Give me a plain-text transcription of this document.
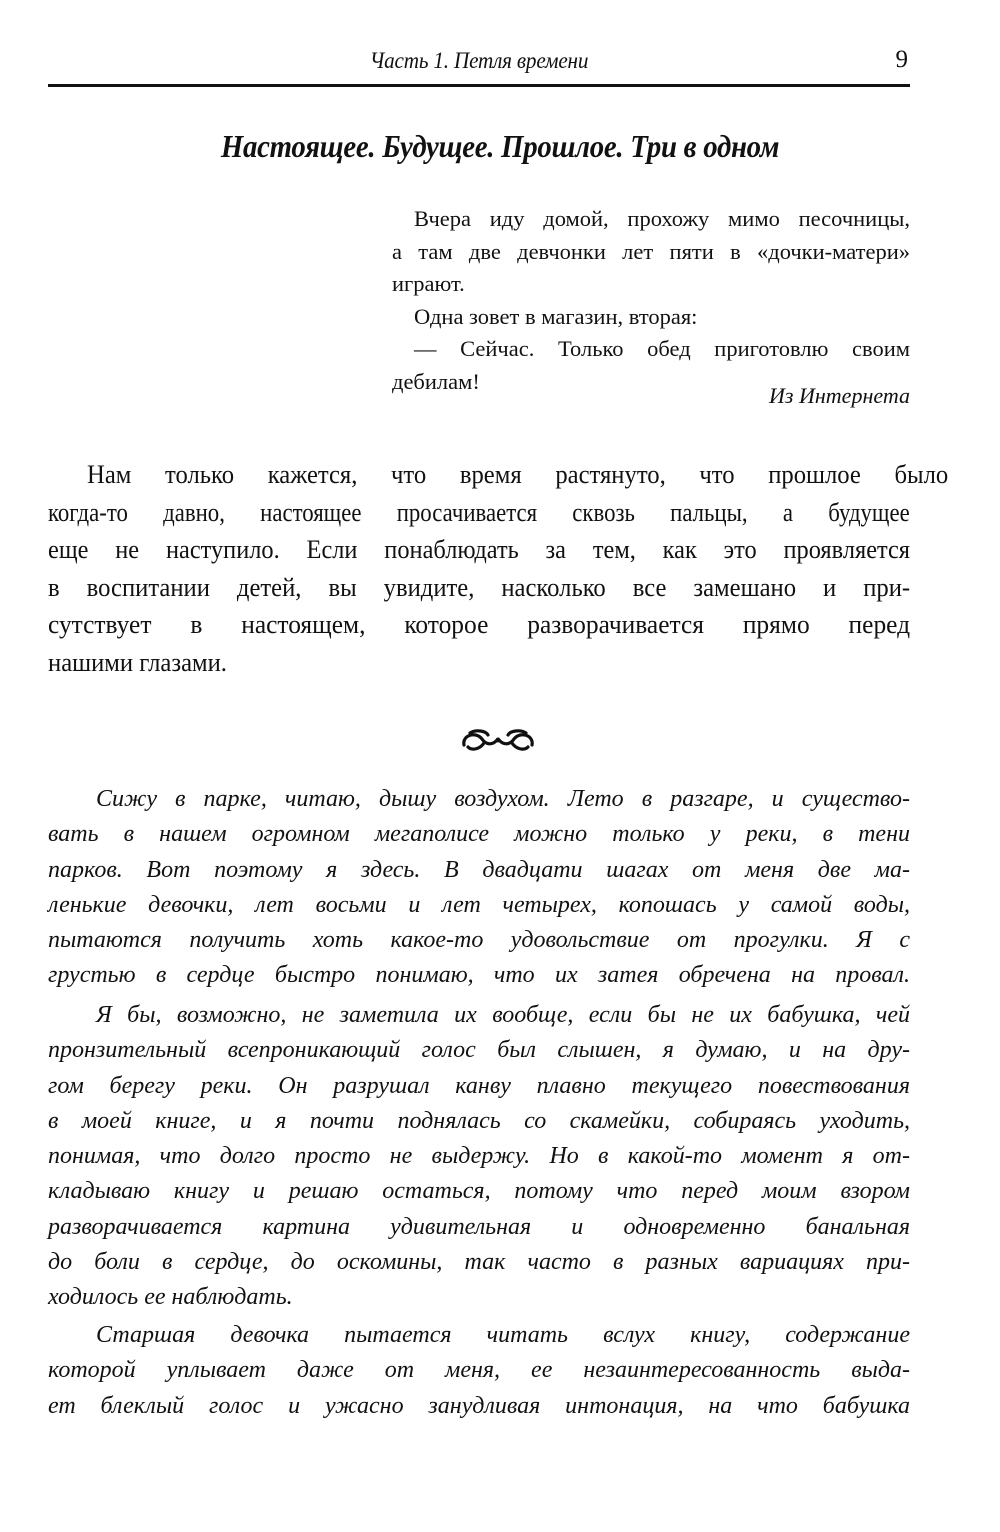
Часть 1. Петля времени	9
Настоящее. Будущее. Прошлое. Три в одном
Вчера иду домой, прохожу мимо песочницы,
а там две девчонки лет пяти в «дочки-матери»
играют.
Одна зовет в магазин, вторая:
— Сейчас. Только обед приготовлю своим
дебилам!
Из Интернета
Нам только кажется, что время растянуто, что прошлое было
когда-то давно, настоящее просачивается сквозь пальцы, а будущее
еще не наступило. Если понаблюдать за тем, как это проявляется
в воспитании детей, вы увидите, насколько все замешано и при-
сутствует в настоящем, которое разворачивается прямо перед
нашими глазами.
Сижу в парке, читаю, дышу воздухом. Лето в разгаре, и существо-
вать в нашем огромном мегаполисе можно только у реки, в тени
парков. Вот поэтому я здесь. В двадцати шагах от меня две ма-
ленькие девочки, лет восьми и лет четырех, копошась у самой воды,
пытаются получить хоть какое-то удовольствие от прогулки. Я с
грустью в сердце быстро понимаю, что их затея обречена на провал.
Я бы, возможно, не заметила их вообще, если бы не их бабушка, чей
пронзительный всепроникающий голос был слышен, я думаю, и на дру-
гом берегу реки. Он разрушал канву плавно текущего повествования
в моей книге, и я почти поднялась со скамейки, собираясь уходить,
понимая, что долго просто не выдержу. Но в какой-то момент я от-
кладываю книгу и решаю остаться, потому что перед моим взором
разворачивается картина удивительная и одновременно банальная
до боли в сердце, до оскомины, так часто в разных вариациях при-
ходилось ее наблюдать.
Старшая девочка пытается читать вслух книгу, содержание
которой уплывает даже от меня, ее незаинтересованность выда-
ет блеклый голос и ужасно занудливая интонация, на что бабушка
